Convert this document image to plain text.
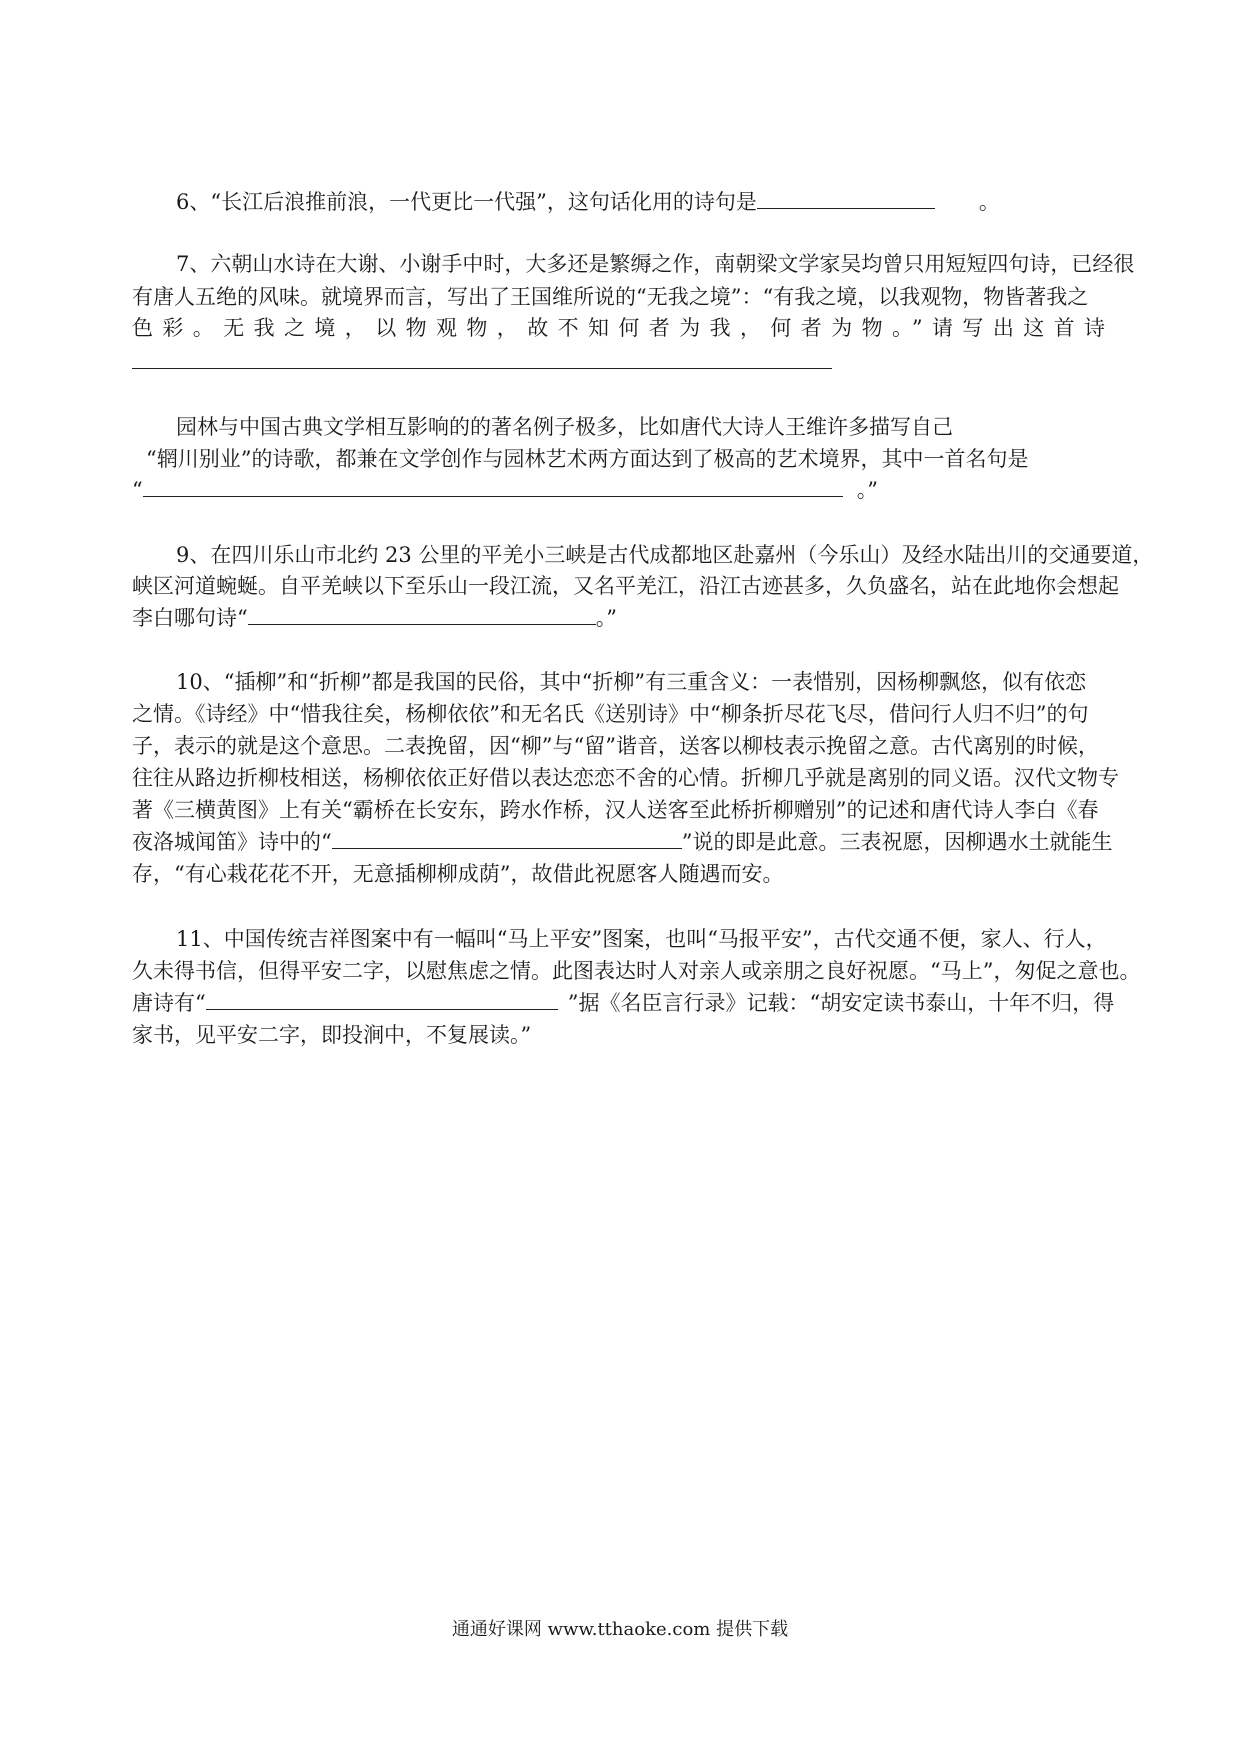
6、“长江后浪推前浪，一代更比一代强”，这句话化用的诗句是	。
7、六朝山水诗在大谢、小谢手中时，大多还是繁缛之作，南朝梁文学家吴均曾只用短短四句诗，已经很
有唐人五绝的风味。就境界而言，写出了王国维所说的“无我之境”：“有我之境，以我观物，物皆著我之
色彩。无我之境，以物观物，故不知何者为我，何者为物。”请写出这首诗
园林与中国古典文学相互影响的的著名例子极多，比如唐代大诗人王维许多描写自己
“辋川别业”的诗歌，都兼在文学创作与园林艺术两方面达到了极高的艺术境界，其中一首名句是
“	。”
9、在四川乐山市北约 23 公里的平羌小三峡是古代成都地区赴嘉州（今乐山）及经水陆出川的交通要道，
峡区河道蜿蜒。自平羌峡以下至乐山一段江流，又名平羌江，沿江古迹甚多，久负盛名，站在此地你会想起
李白哪句诗“	。”
10、“插柳”和“折柳”都是我国的民俗，其中“折柳”有三重含义：一表惜别，因杨柳飘悠，似有依恋
之情。《诗经》中“惜我往矣，杨柳依依”和无名氏《送别诗》中“柳条折尽花飞尽，借问行人归不归”的句
子，表示的就是这个意思。二表挽留，因“柳”与“留”谐音，送客以柳枝表示挽留之意。古代离别的时候，
往往从路边折柳枝相送，杨柳依依正好借以表达恋恋不舍的心情。折柳几乎就是离别的同义语。汉代文物专
著《三横黄图》上有关“霸桥在长安东，跨水作桥，汉人送客至此桥折柳赠别”的记述和唐代诗人李白《春
夜洛城闻笛》诗中的“	”说的即是此意。三表祝愿，因柳遇水土就能生
存，“有心栽花花不开，无意插柳柳成荫”，故借此祝愿客人随遇而安。
11、中国传统吉祥图案中有一幅叫“马上平安”图案，也叫“马报平安”，古代交通不便，家人、行人，
久未得书信，但得平安二字，以慰焦虑之情。此图表达时人对亲人或亲朋之良好祝愿。“马上”，匆促之意也。
唐诗有“	”据《名臣言行录》记载：“胡安定读书泰山，十年不归，得
家书，见平安二字，即投涧中，不复展读。”
通通好课网 www.tthaoke.com 提供下载
